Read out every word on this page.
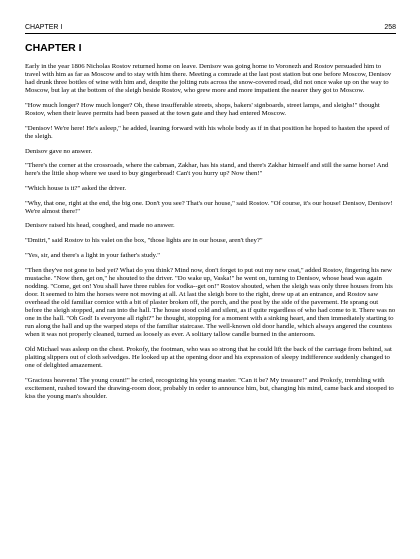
CHAPTER I	258
CHAPTER I

Early in the year 1806 Nicholas Rostov returned home on leave. Denisov was going home to Voronezh and Rostov persuaded him to travel with him as far as Moscow and to stay with him there. Meeting a comrade at the last post station but one before Moscow, Denisov had drunk three bottles of wine with him and, despite the jolting ruts across the snow-covered road, did not once wake up on the way to Moscow, but lay at the bottom of the sleigh beside Rostov, who grew more and more impatient the nearer they got to Moscow.

"How much longer? How much longer? Oh, these insufferable streets, shops, bakers' signboards, street lamps, and sleighs!" thought Rostov, when their leave permits had been passed at the town gate and they had entered Moscow.

"Denisov! We're here! He's asleep," he added, leaning forward with his whole body as if in that position he hoped to hasten the speed of the sleigh.

Denisov gave no answer.

"There's the corner at the crossroads, where the cabman, Zakhar, has his stand, and there's Zakhar himself and still the same horse! And here's the little shop where we used to buy gingerbread! Can't you hurry up? Now then!"

"Which house is it?" asked the driver.

"Why, that one, right at the end, the big one. Don't you see? That's our house," said Rostov. "Of course, it's our house! Denisov, Denisov! We're almost there!"

Denisov raised his head, coughed, and made no answer.

"Dmitri," said Rostov to his valet on the box, "those lights are in our house, aren't they?"

"Yes, sir, and there's a light in your father's study."

"Then they've not gone to bed yet? What do you think? Mind now, don't forget to put out my new coat," added Rostov, fingering his new mustache. "Now then, get on," he shouted to the driver. "Do wake up, Vaska!" he went on, turning to Denisov, whose head was again nodding. "Come, get on! You shall have three rubles for vodka--get on!" Rostov shouted, when the sleigh was only three houses from his door. It seemed to him the horses were not moving at all. At last the sleigh bore to the right, drew up at an entrance, and Rostov saw overhead the old familiar cornice with a bit of plaster broken off, the porch, and the post by the side of the pavement. He sprang out before the sleigh stopped, and ran into the hall. The house stood cold and silent, as if quite regardless of who had come to it. There was no one in the hall. "Oh God! Is everyone all right?" he thought, stopping for a moment with a sinking heart, and then immediately starting to run along the hall and up the warped steps of the familiar staircase. The well-known old door handle, which always angered the countess when it was not properly cleaned, turned as loosely as ever. A solitary tallow candle burned in the anteroom.

Old Michael was asleep on the chest. Prokofy, the footman, who was so strong that he could lift the back of the carriage from behind, sat plaiting slippers out of cloth selvedges. He looked up at the opening door and his expression of sleepy indifference suddenly changed to one of delighted amazement.

"Gracious heavens! The young count!" he cried, recognizing his young master. "Can it be? My treasure!" and Prokofy, trembling with excitement, rushed toward the drawing-room door, probably in order to announce him, but, changing his mind, came back and stooped to kiss the young man's shoulder.
